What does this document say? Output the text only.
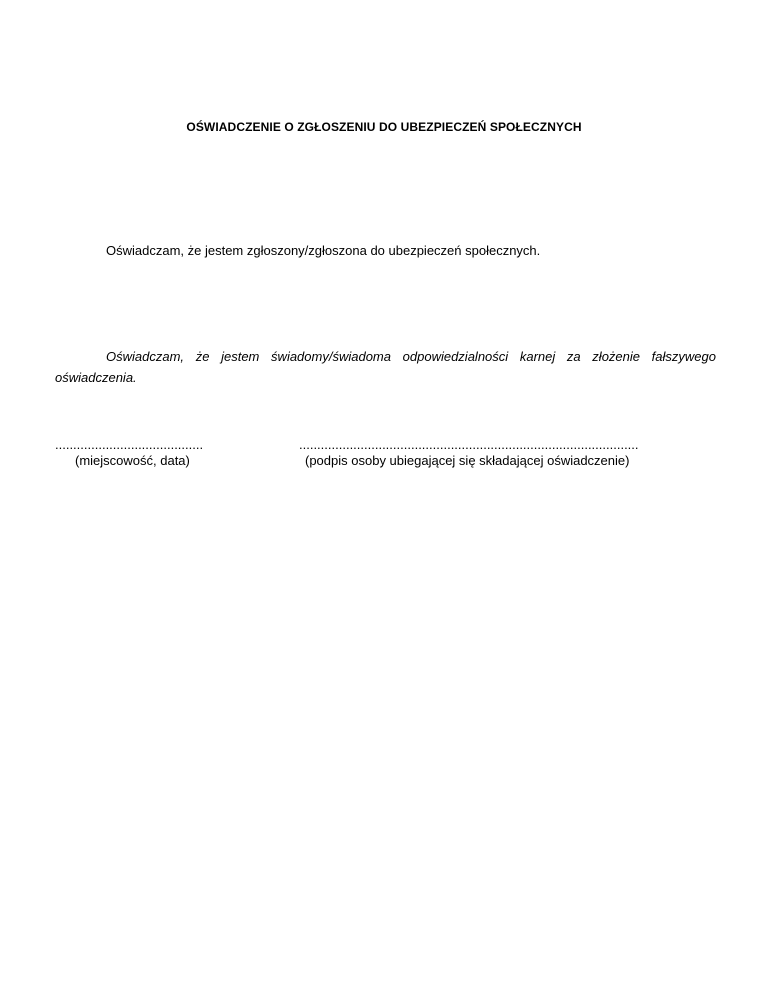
OŚWIADCZENIE O ZGŁOSZENIU DO UBEZPIECZEŃ SPOŁECZNYCH
Oświadczam, że jestem zgłoszony/zgłoszona do ubezpieczeń społecznych.
Oświadczam, że jestem świadomy/świadoma odpowiedzialności karnej za złożenie fałszywego oświadczenia.
.........................................
(miejscowość, data)
..............................................................................................
(podpis osoby ubiegającej się składającej oświadczenie)
